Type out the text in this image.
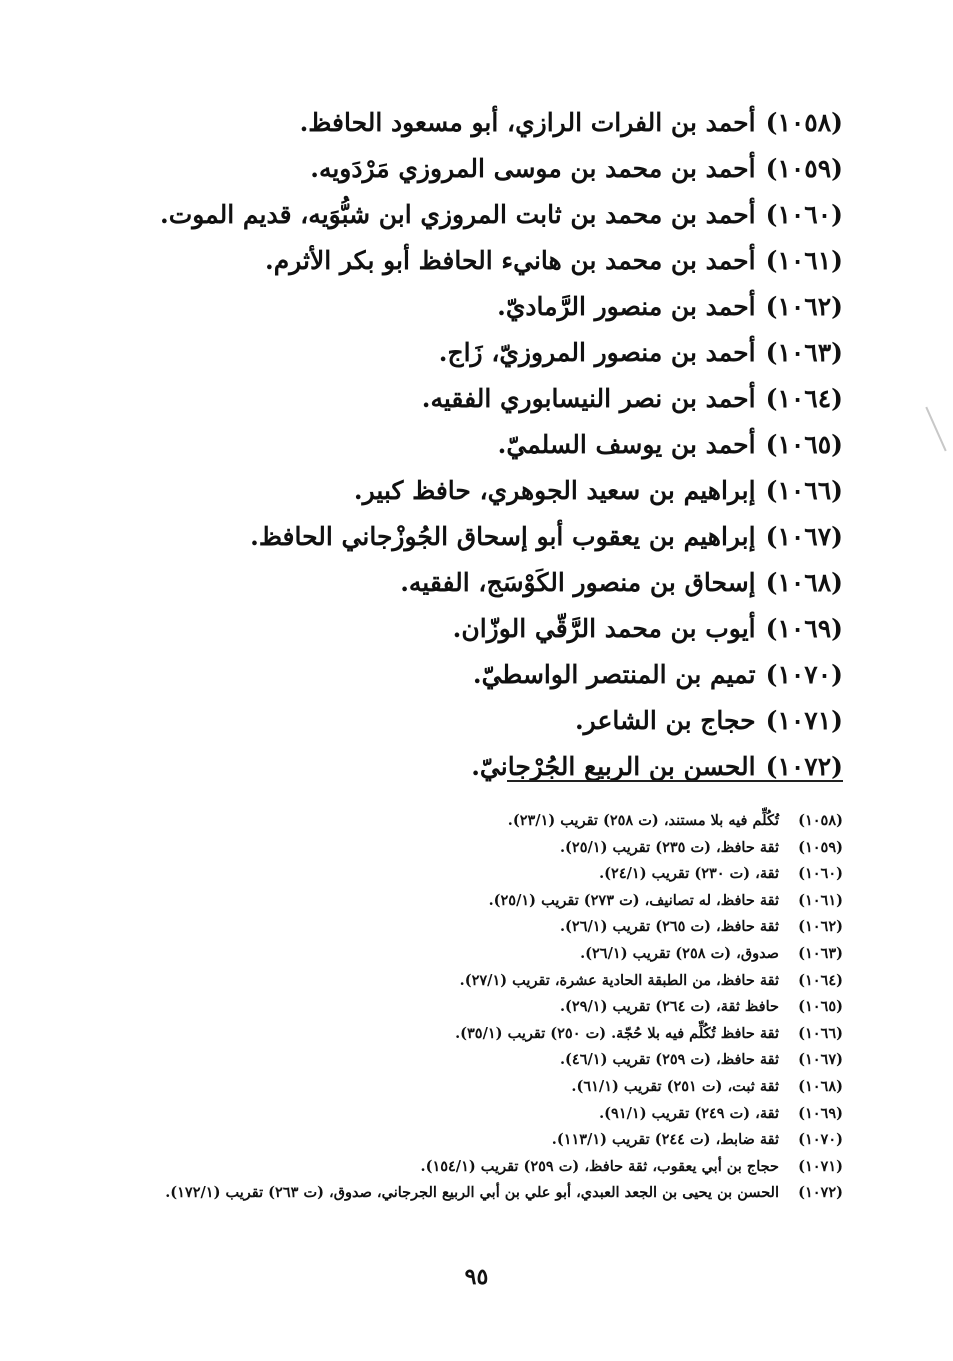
(١٠٥٨)
أحمد بن الفرات الرازي، أبو مسعود الحافظ.
(١٠٥٩)
أحمد بن محمد بن موسى المروزي مَرْدَويه.
(١٠٦٠)
أحمد بن محمد بن ثابت المروزي ابن شبُّوَيه، قديم الموت.
(١٠٦١)
أحمد بن محمد بن هانيء الحافظ أبو بكر الأثرم.
(١٠٦٢)
أحمد بن منصور الرَّماديّ.
(١٠٦٣)
أحمد بن منصور المروزيّ، زَاج.
(١٠٦٤)
أحمد بن نصر النيسابوري الفقيه.
(١٠٦٥)
أحمد بن يوسف السلميّ.
(١٠٦٦)
إبراهيم بن سعيد الجوهري، حافظ كبير.
(١٠٦٧)
إبراهيم بن يعقوب أبو إسحاق الجُوزْجاني الحافظ.
(١٠٦٨)
إسحاق بن منصور الكَوْسَج، الفقيه.
(١٠٦٩)
أيوب بن محمد الرَّقّي الوزّان.
(١٠٧٠)
تميم بن المنتصر الواسطيّ.
(١٠٧١)
حجاج بن الشاعر.
(١٠٧٢)
الحسن بن الربيع الجُرْجانيّ.
(١٠٥٨)
تُكُلِّم فيه بلا مستند، (ت ٢٥٨) تقريب (٢٣/١).
(١٠٥٩)
ثقة حافظ، (ت ٢٣٥) تقريب (٢٥/١).
(١٠٦٠)
ثقة، (ت ٢٣٠) تقريب (٢٤/١).
(١٠٦١)
ثقة حافظ، له تصانيف، (ت ٢٧٣) تقريب (٢٥/١).
(١٠٦٢)
ثقة حافظ، (ت ٢٦٥) تقريب (٢٦/١).
(١٠٦٣)
صدوق، (ت ٢٥٨) تقريب (٢٦/١).
(١٠٦٤)
ثقة حافظ، من الطبقة الحادية عشرة، تقريب (٢٧/١).
(١٠٦٥)
حافظ ثقة، (ت ٢٦٤) تقريب (٢٩/١).
(١٠٦٦)
ثقة حافظ تُكُلِّم فيه بلا حُجّة. (ت ٢٥٠) تقريب (٣٥/١).
(١٠٦٧)
ثقة حافظ، (ت ٢٥٩) تقريب (٤٦/١).
(١٠٦٨)
ثقة ثبت، (ت ٢٥١) تقريب (٦١/١).
(١٠٦٩)
ثقة، (ت ٢٤٩) تقريب (٩١/١).
(١٠٧٠)
ثقة ضابط، (ت ٢٤٤) تقريب (١١٣/١).
(١٠٧١)
حجاج بن أبي يعقوب، ثقة حافظ، (ت ٢٥٩) تقريب (١٥٤/١).
(١٠٧٢)
الحسن بن يحيى بن الجعد العبدي، أبو علي بن أبي الربيع الجرجاني، صدوق، (ت ٢٦٣) تقريب (١٧٢/١).
٩٥
